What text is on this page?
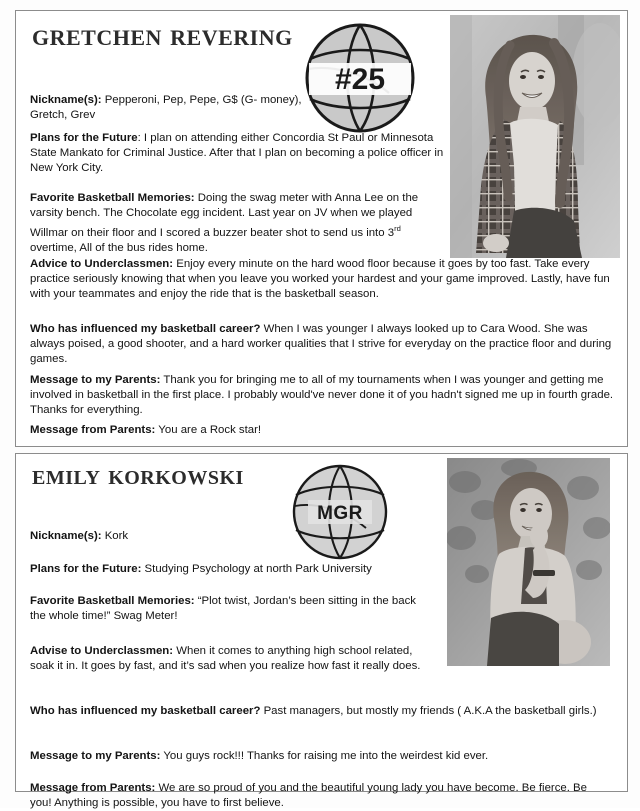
gretchen revering
#25
Nickname(s): Pepperoni, Pep, Pepe, G$ (G- money), Gretch, Grev
Plans for the Future: I plan on attending either Concordia St Paul or Minnesota State Mankato for Criminal Justice. After that I plan on becoming a police officer in New York City.
Favorite Basketball Memories: Doing the swag meter with Anna Lee on the varsity bench. The Chocolate egg incident. Last year on JV when we played Willmar on their floor and I scored a buzzer beater shot to send us into 3rd overtime, All of the bus rides home.
Advice to Underclassmen: Enjoy every minute on the hard wood floor because it goes by too fast. Take every practice seriously knowing that when you leave you worked your hardest and your game improved. Lastly, have fun with your teammates and enjoy the ride that is the basketball season.
Who has influenced my basketball career? When I was younger I always looked up to Cara Wood. She was always poised, a good shooter, and a hard worker qualities that I strive for everyday on the practice floor and during games.
Message to my Parents: Thank you for bringing me to all of my tournaments when I was younger and getting me involved in basketball in the first place. I probably would've never done it of you hadn't signed me up in fourth grade. Thanks for everything.
Message from Parents: You are a Rock star!
emily korkowski
MGR
Nickname(s): Kork
Plans for the Future: Studying Psychology at north Park University
Favorite Basketball Memories: “Plot twist, Jordan’s been sitting in the back the whole time!” Swag Meter!
Advise to Underclassmen: When it comes to anything high school related, soak it in. It goes by fast, and it’s sad when you realize how fast it really does.
Who has influenced my basketball career? Past managers, but mostly my friends ( A.K.A the basketball girls.)
Message to my Parents: You guys rock!!! Thanks for raising me into the weirdest kid ever.
Message from Parents: We are so proud of you and the beautiful young lady you have become. Be fierce. Be you! Anything is possible, you have to first believe.
